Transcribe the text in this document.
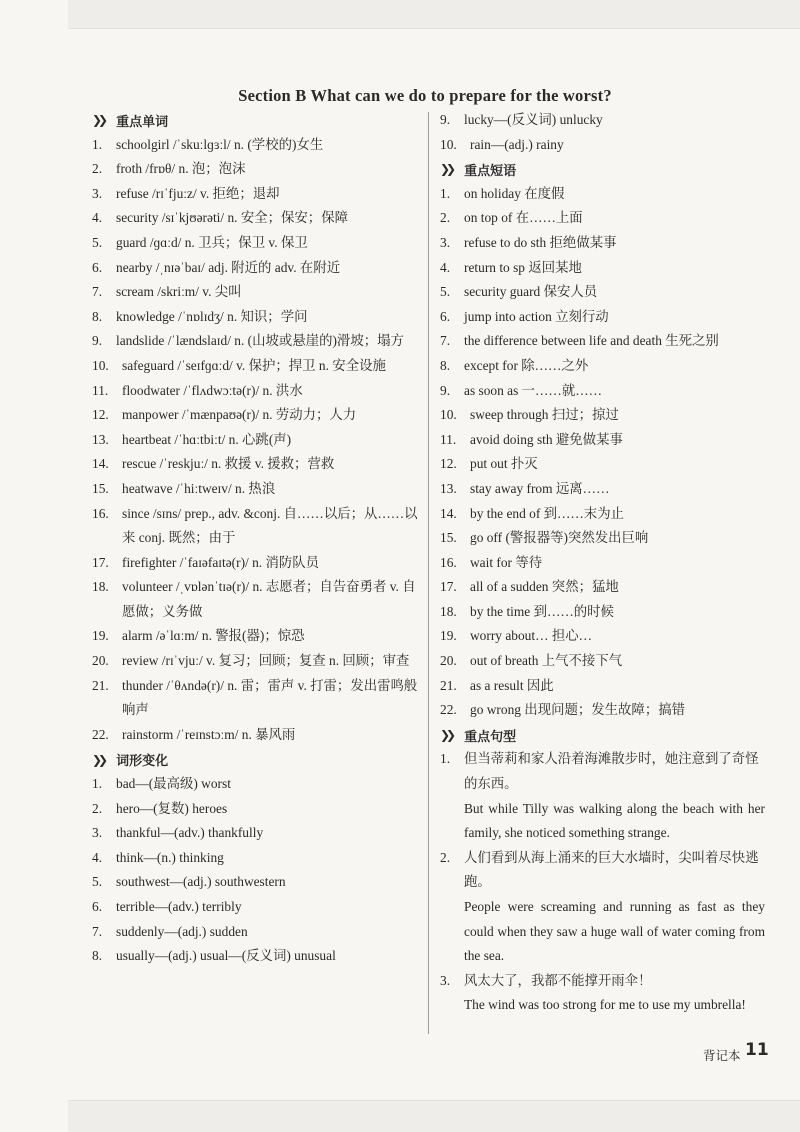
Section B What can we do to prepare for the worst?
❯❯ 重点单词
1.	schoolgirl /ˈskuːlɡɜːl/ n. (学校的)女生
2.	froth /frɒθ/ n. 泡；泡沫
3.	refuse /rɪˈfjuːz/ v. 拒绝；退却
4.	security /sɪˈkjʊərəti/ n. 安全；保安；保障
5.	guard /ɡɑːd/ n. 卫兵；保卫 v. 保卫
6.	nearby /ˌnɪəˈbaɪ/ adj. 附近的 adv. 在附近
7.	scream /skriːm/ v. 尖叫
8.	knowledge /ˈnɒlɪdʒ/ n. 知识；学问
9.	landslide /ˈlændslaɪd/ n. (山坡或悬崖的)滑坡；塌方
10. safeguard /ˈseɪfɡɑːd/ v. 保护；捍卫 n. 安全设施
11.	floodwater /ˈflʌdwɔːtə(r)/ n. 洪水
12. manpower /ˈmænpaʊə(r)/ n. 劳动力；人力
13. heartbeat /ˈhɑːtbiːt/ n. 心跳(声)
14. rescue /ˈreskjuː/ n. 救援 v. 援救；营救
15. heatwave /ˈhiːtweɪv/ n. 热浪
16. since /sɪns/ prep., adv. &conj. 自……以后；从……以来 conj. 既然；由于
17. firefighter /ˈfaɪəfaɪtə(r)/ n. 消防队员
18. volunteer /ˌvɒlənˈtɪə(r)/ n. 志愿者；自告奋勇者 v. 自愿做；义务做
19. alarm /əˈlɑːm/ n. 警报(器)；惊恐
20. review /rɪˈvjuː/ v. 复习；回顾；复查 n. 回顾；审查
21. thunder /ˈθʌndə(r)/ n. 雷；雷声 v. 打雷；发出雷鸣般响声
22. rainstorm /ˈreɪnstɔːm/ n. 暴风雨
❯❯ 词形变化
1.	bad—(最高级) worst
2.	hero—(复数) heroes
3.	thankful—(adv.) thankfully
4.	think—(n.) thinking
5.	southwest—(adj.) southwestern
6.	terrible—(adv.) terribly
7.	suddenly—(adj.) sudden
8.	usually—(adj.) usual—(反义词) unusual
9.	lucky—(反义词) unlucky
10. rain—(adj.) rainy
❯❯ 重点短语
1.	on holiday 在度假
2.	on top of 在……上面
3.	refuse to do sth 拒绝做某事
4.	return to sp 返回某地
5.	security guard 保安人员
6.	jump into action 立刻行动
7.	the difference between life and death 生死之别
8.	except for 除……之外
9.	as soon as 一……就……
10. sweep through 扫过；掠过
11.	avoid doing sth 避免做某事
12. put out 扑灭
13. stay away from 远离……
14. by the end of 到……末为止
15. go off (警报器等)突然发出巨响
16. wait for 等待
17. all of a sudden 突然；猛地
18. by the time 到……的时候
19. worry about… 担心…
20. out of breath 上气不接下气
21. as a result 因此
22. go wrong 出现问题；发生故障；搞错
❯❯ 重点句型
1.	但当蒂莉和家人沿着海滩散步时，她注意到了奇怪的东西。
But while Tilly was walking along the beach with her family, she noticed something strange.
2.	人们看到从海上涌来的巨大水墙时，尖叫着尽快逃跑。
People were screaming and running as fast as they could when they saw a huge wall of water coming from the sea.
3.	风太大了，我都不能撑开雨伞！
The wind was too strong for me to use my umbrella!
背记本 11
